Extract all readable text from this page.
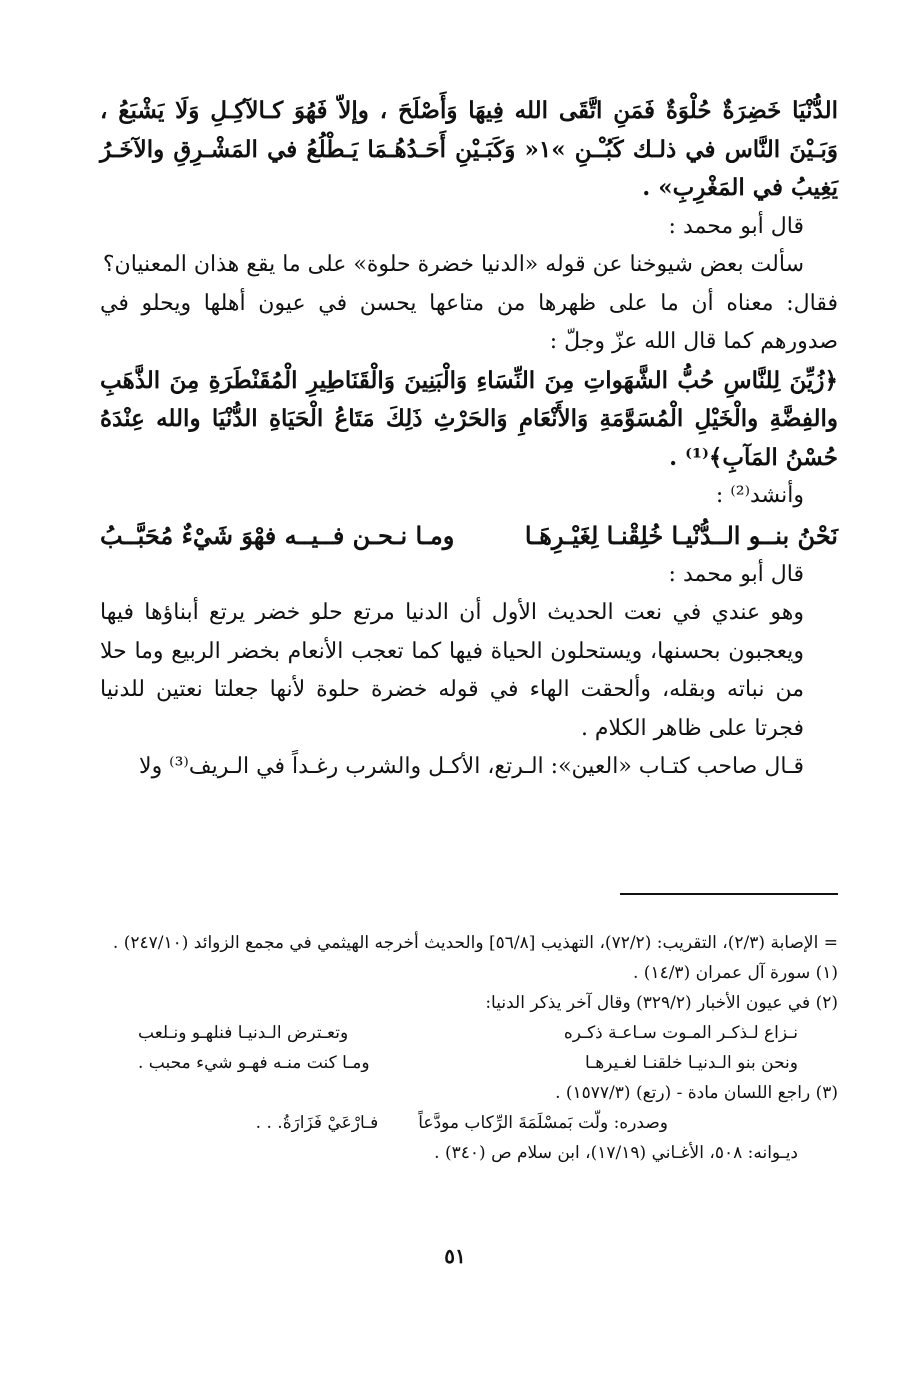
الدُّنْيَا خَضِرَةٌ حُلْوَةٌ فَمَنِ اتَّقَى الله فِيهَا وَأَصْلَحَ ، وإلاّ فَهُوَ كـالآكِـلِ وَلَا يَشْبَعُ ، وَبَـيْنَ النَّاس في ذلـك كَبُـْـنِ »١« وَكَبَـيْنِ أَحَـدُهُـمَا يَـطْلُعُ في المَشْـرِقِ والآخَـرُ يَغِيبُ في المَغْرِبِ» .

قال أبو محمد :

سألت بعض شيوخنا عن قوله «الدنيا خضرة حلوة» على ما يقع هذان المعنيان؟

فقال: معناه أن ما على ظهرها من متاعها يحسن في عيون أهلها ويحلو في صدورهم كما قال الله عزّ وجلّ :

﴿زُيِّنَ لِلنَّاسِ حُبُّ الشَّهَواتِ مِنَ النِّسَاءِ وَالْبَنِينَ وَالْقَنَاطِيرِ الْمُقَنْطَرَةِ مِنَ الذَّهَبِ والفِضَّةِ والْخَيْلِ الْمُسَوَّمَةِ وَالأَنْعَامِ وَالحَرْثِ ذَلِكَ مَتَاعُ الْحَيَاةِ الدُّنْيَا والله عِنْدَهُ حُسْنُ المَآبِ﴾⁽¹⁾ .

وأنشد⁽²⁾ :

نَحْنُ بنــو الــدُّنْيـا خُلِقْنـا لِغَيْـرِهَـا
ومـا نـحـن فــيــه فهْوَ شَيْءٌ مُحَبَّــبُ

قال أبو محمد :

وهو عندي في نعت الحديث الأول أن الدنيا مرتع حلو خضر يرتع أبناؤها فيها ويعجبون بحسنها، ويستحلون الحياة فيها كما تعجب الأنعام بخضر الربيع وما حلا من نباته وبقله، وألحقت الهاء في قوله خضرة حلوة لأنها جعلتا نعتين للدنيا فجرتا على ظاهر الكلام .

قـال صاحب كتـاب «العين»: الـرتع، الأكـل والشرب رغـداً في الـريف⁽³⁾ ولا

= الإصابة (٢/٣)، التقريب: (٧٢/٢)، التهذيب [٥٦/٨] والحديث أخرجه الهيثمي في مجمع الزوائد (٢٤٧/١٠) .

(١) سورة آل عمران (١٤/٣) .

(٢) في عيون الأخبار (٣٢٩/٢) وقال آخر يذكر الدنيا:

نـزاع لـذكـر المـوت سـاعـة ذكـره
وتعـترض الـدنيـا فنلهـو ونـلعب
ونحن بنو الـدنيـا خلقنـا لغـيرهـا
ومـا كنت منـه فهـو شيء محبب .

(٣) راجع اللسان مادة - (رتع) (١٥٧٧/٣) .

وصدره: ولّت بَمسْلَمَةَ الرِّكاب مودَّعاً
فـارْعَيْ فَزَارَةُ. . .

ديـوانه: ٥٠٨، الأغـاني (١٧/١٩)، ابن سلام ص (٣٤٠) .

٥١
